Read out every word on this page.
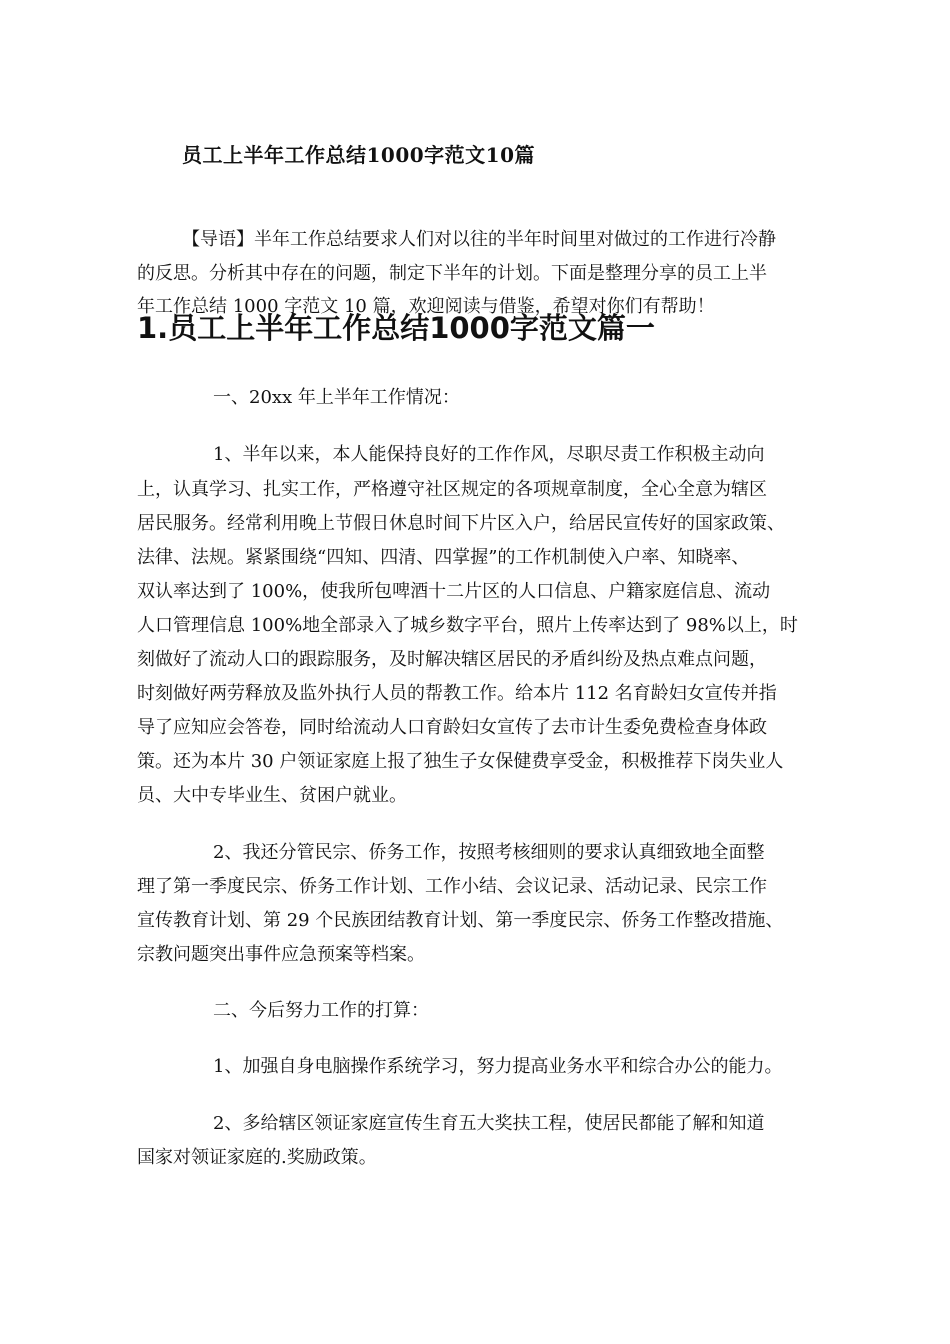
员工上半年工作总结1000字范文10篇
【导语】半年工作总结要求人们对以往的半年时间里对做过的工作进行冷静
的反思。分析其中存在的问题，制定下半年的计划。下面是整理分享的员工上半
年工作总结 1000 字范文 10 篇，欢迎阅读与借鉴，希望对你们有帮助！
1.员工上半年工作总结1000字范文篇一
一、20xx 年上半年工作情况：
1、半年以来，本人能保持良好的工作作风，尽职尽责工作积极主动向
上，认真学习、扎实工作，严格遵守社区规定的各项规章制度，全心全意为辖区
居民服务。经常利用晚上节假日休息时间下片区入户，给居民宣传好的国家政策、
法律、法规。紧紧围绕“四知、四清、四掌握”的工作机制使入户率、知晓率、
双认率达到了 100%，使我所包啤酒十二片区的人口信息、户籍家庭信息、流动
人口管理信息 100%地全部录入了城乡数字平台，照片上传率达到了 98%以上，时
刻做好了流动人口的跟踪服务，及时解决辖区居民的矛盾纠纷及热点难点问题，
时刻做好两劳释放及监外执行人员的帮教工作。给本片 112 名育龄妇女宣传并指
导了应知应会答卷，同时给流动人口育龄妇女宣传了去市计生委免费检查身体政
策。还为本片 30 户领证家庭上报了独生子女保健费享受金，积极推荐下岗失业人
员、大中专毕业生、贫困户就业。
2、我还分管民宗、侨务工作，按照考核细则的要求认真细致地全面整
理了第一季度民宗、侨务工作计划、工作小结、会议记录、活动记录、民宗工作
宣传教育计划、第 29 个民族团结教育计划、第一季度民宗、侨务工作整改措施、
宗教问题突出事件应急预案等档案。
二、今后努力工作的打算：
1、加强自身电脑操作系统学习，努力提高业务水平和综合办公的能力。
2、多给辖区领证家庭宣传生育五大奖扶工程，使居民都能了解和知道
国家对领证家庭的.奖励政策。
